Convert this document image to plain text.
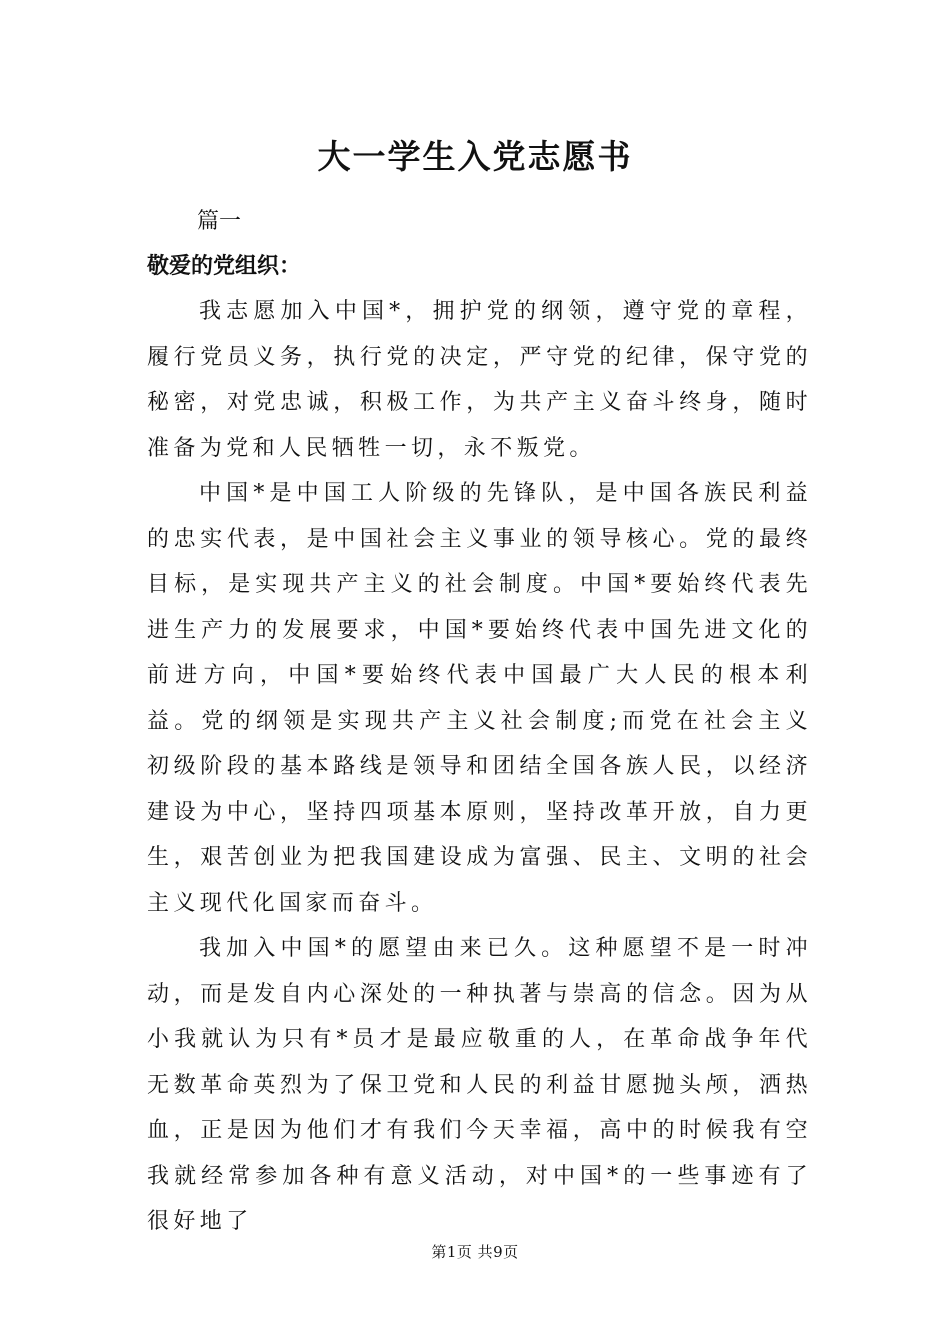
大一学生入党志愿书

篇一

敬爱的党组织：

我志愿加入中国*，拥护党的纲领，遵守党的章程，履行党员义务，执行党的决定，严守党的纪律，保守党的秘密，对党忠诚，积极工作，为共产主义奋斗终身，随时准备为党和人民牺牲一切，永不叛党。

中国*是中国工人阶级的先锋队，是中国各族民利益的忠实代表，是中国社会主义事业的领导核心。党的最终目标，是实现共产主义的社会制度。中国*要始终代表先进生产力的发展要求，中国*要始终代表中国先进文化的前进方向，中国*要始终代表中国最广大人民的根本利益。党的纲领是实现共产主义社会制度;而党在社会主义初级阶段的基本路线是领导和团结全国各族人民，以经济建设为中心，坚持四项基本原则，坚持改革开放，自力更生，艰苦创业为把我国建设成为富强、民主、文明的社会主义现代化国家而奋斗。

我加入中国*的愿望由来已久。这种愿望不是一时冲动，而是发自内心深处的一种执著与崇高的信念。因为从小我就认为只有*员才是最应敬重的人，在革命战争年代无数革命英烈为了保卫党和人民的利益甘愿抛头颅，洒热血，正是因为他们才有我们今天幸福，高中的时候我有空我就经常参加各种有意义活动，对中国*的一些事迹有了很好地了

第1页 共9页
